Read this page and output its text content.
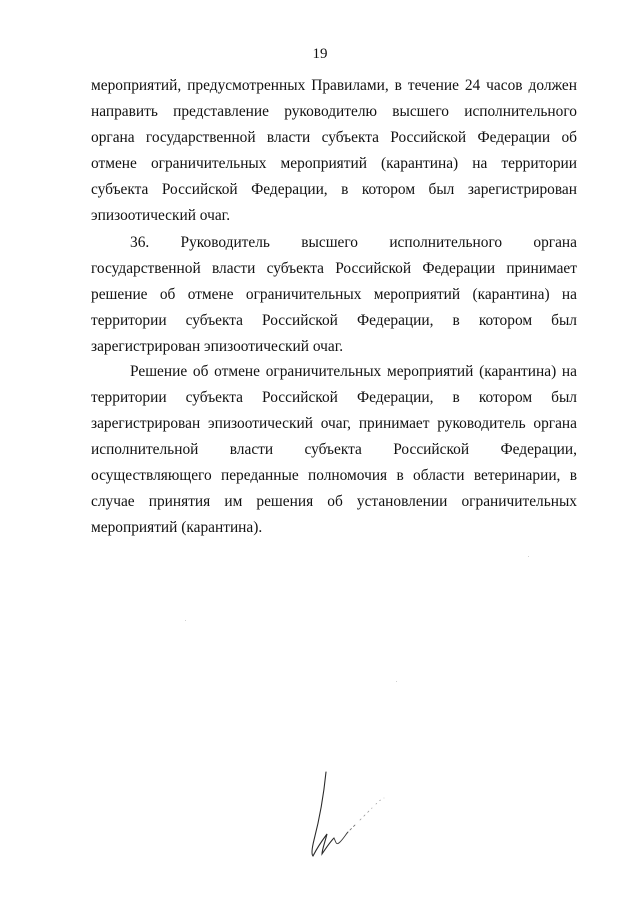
19

мероприятий, предусмотренных Правилами, в течение 24 часов должен направить представление руководителю высшего исполнительного органа государственной власти субъекта Российской Федерации об отмене ограничительных мероприятий (карантина) на территории субъекта Российской Федерации, в котором был зарегистрирован эпизоотический очаг.

36. Руководитель высшего исполнительного органа государственной власти субъекта Российской Федерации принимает решение об отмене ограничительных мероприятий (карантина) на территории субъекта Российской Федерации, в котором был зарегистрирован эпизоотический очаг.

Решение об отмене ограничительных мероприятий (карантина) на территории субъекта Российской Федерации, в котором был зарегистрирован эпизоотический очаг, принимает руководитель органа исполнительной власти субъекта Российской Федерации, осуществляющего переданные полномочия в области ветеринарии, в случае принятия им решения об установлении ограничительных мероприятий (карантина).
